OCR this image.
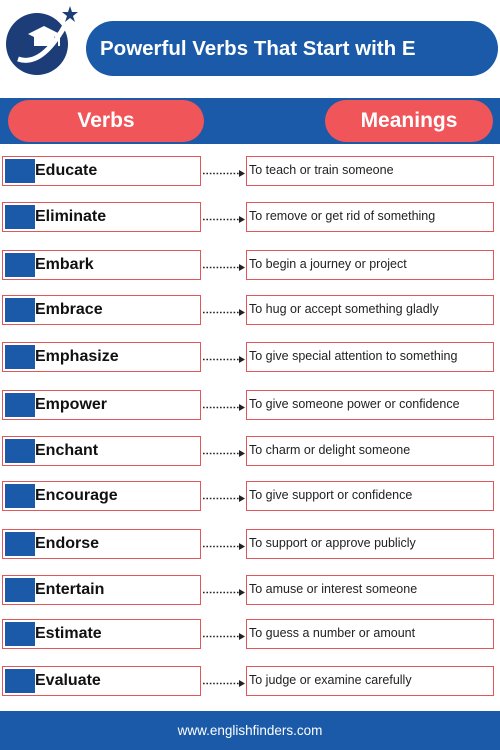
Powerful Verbs That Start with E
Verbs	Meanings
Educate	To teach or train someone
Eliminate	To remove or get rid of something
Embark	To begin a journey or project
Embrace	To hug or accept something gladly
Emphasize	To give special attention to something
Empower	To give someone power or confidence
Enchant	To charm or delight someone
Encourage	To give support or confidence
Endorse	To support or approve publicly
Entertain	To amuse or interest someone
Estimate	To guess a number or amount
Evaluate	To judge or examine carefully
www.englishfinders.com
